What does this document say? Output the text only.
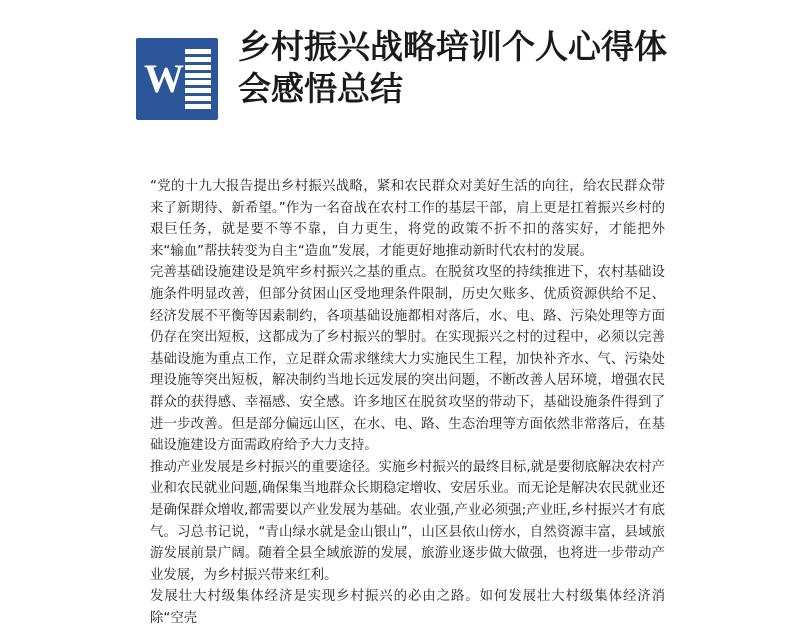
W
乡村振兴战略培训个人心得体会感悟总结

“党的十九大报告提出乡村振兴战略，紧和农民群众对美好生活的向往，给农民群众带来了新期待、新希望。”作为一名奋战在农村工作的基层干部，肩上更是扛着振兴乡村的艰巨任务，就是要不等不靠，自力更生，将党的政策不折不扣的落实好，才能把外来“输血”帮扶转变为自主“造血”发展，才能更好地推动新时代农村的发展。

完善基础设施建设是筑牢乡村振兴之基的重点。在脱贫攻坚的持续推进下，农村基础设施条件明显改善，但部分贫困山区受地理条件限制，历史欠账多、优质资源供给不足、经济发展不平衡等因素制约，各项基础设施都相对落后，水、电、路、污染处理等方面仍存在突出短板，这都成为了乡村振兴的掣肘。在实现振兴之村的过程中，必须以完善基础设施为重点工作，立足群众需求继续大力实施民生工程，加快补齐水、气、污染处理设施等突出短板，解决制约当地长远发展的突出问题，不断改善人居环境，增强农民群众的获得感、幸福感、安全感。许多地区在脱贫攻坚的带动下，基础设施条件得到了进一步改善。但是部分偏远山区，在水、电、路、生态治理等方面依然非常落后，在基础设施建设方面需政府给予大力支持。

推动产业发展是乡村振兴的重要途径。实施乡村振兴的最终目标,就是要彻底解决农村产业和农民就业问题,确保集当地群众长期稳定增收、安居乐业。而无论是解决农民就业还是确保群众增收,都需要以产业发展为基础。农业强,产业必须强;产业旺,乡村振兴才有底气。习总书记说，“青山绿水就是金山银山”，山区县依山傍水，自然资源丰富，县域旅游发展前景广阔。随着全县全域旅游的发展，旅游业逐步做大做强，也将进一步带动产业发展，为乡村振兴带来红利。

发展壮大村级集体经济是实现乡村振兴的必由之路。如何发展壮大村级集体经济消除“空壳
